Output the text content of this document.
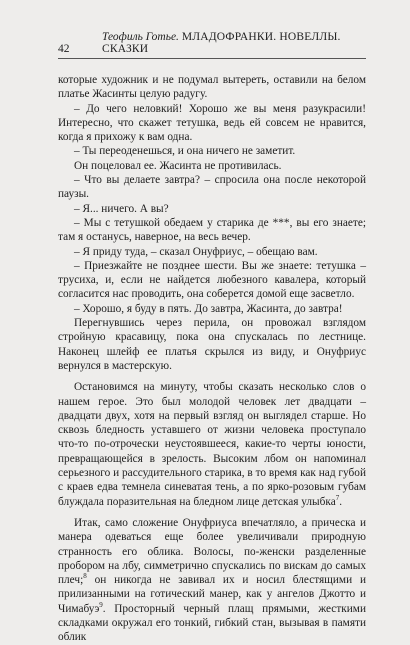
42
Теофиль Готье. МЛАДОФРАНКИ. НОВЕЛЛЫ. СКАЗКИ

которые художник и не подумал вытереть, оставили на белом платье Жасинты целую радугу.

– До чего неловкий! Хорошо же вы меня разукрасили! Интересно, что скажет тетушка, ведь ей совсем не нравится, когда я прихожу к вам одна.

– Ты переоденешься, и она ничего не заметит.

Он поцеловал ее. Жасинта не противилась.

– Что вы делаете завтра? – спросила она после некоторой паузы.

– Я... ничего. А вы?

– Мы с тетушкой обедаем у старика де ***, вы его знаете; там я останусь, наверное, на весь вечер.

– Я приду туда, – сказал Онуфриус, – обещаю вам.

– Приезжайте не позднее шести. Вы же знаете: тетушка – трусиха, и, если не найдется любезного кавалера, который согласится нас проводить, она соберется домой еще засветло.

– Хорошо, я буду в пять. До завтра, Жасинта, до завтра!

Перегнувшись через перила, он провожал взглядом стройную красавицу, пока она спускалась по лестнице. Наконец шлейф ее платья скрылся из виду, и Онуфриус вернулся в мастерскую.

Остановимся на минуту, чтобы сказать несколько слов о нашем герое. Это был молодой человек лет двадцати – двадцати двух, хотя на первый взгляд он выглядел старше. Но сквозь бледность уставшего от жизни человека проступало что-то по-отрочески неустоявшееся, какие-то черты юности, превращающейся в зрелость. Высоким лбом он напоминал серьезного и рассудительного старика, в то время как над губой с краев едва темнела синеватая тень, а по ярко-розовым губам блуждала поразительная на бледном лице детская улыбка$^7$.

Итак, само сложение Онуфриуса впечатляло, а прическа и манера одеваться еще более увеличивали природную странность его облика. Волосы, по-женски разделенные пробором на лбу, симметрично спускались по вискам до самых плеч;$^8$ он никогда не завивал их и носил блестящими и прилизанными на готический манер, как у ангелов Джотто и Чимабуэ$^9$. Просторный черный плащ прямыми, жесткими складками окружал его тонкий, гибкий стан, вызывая в памяти облик
